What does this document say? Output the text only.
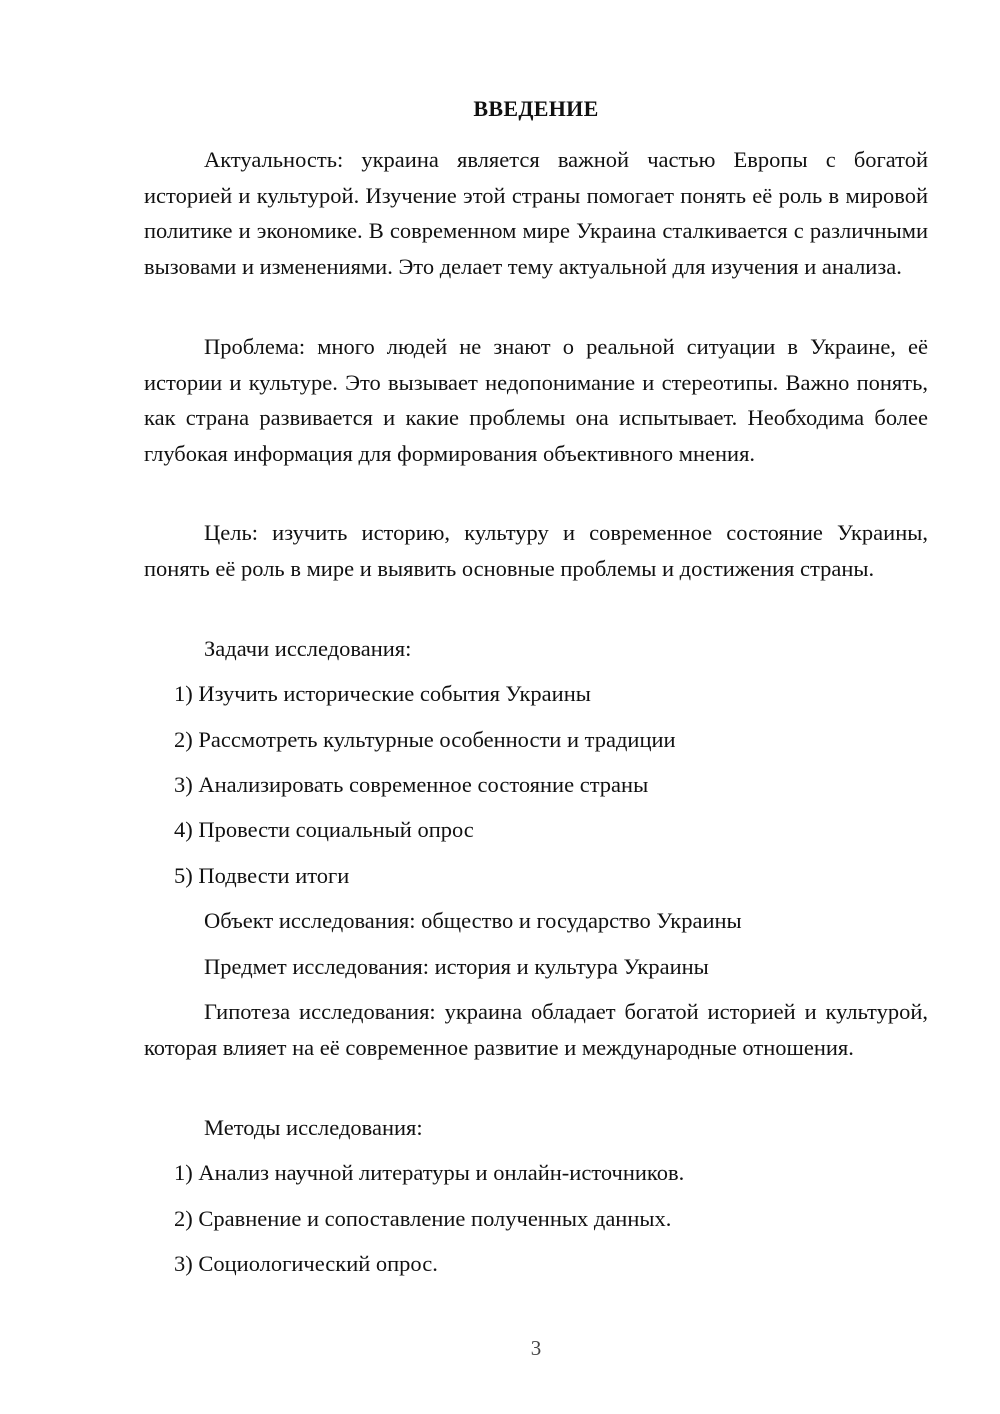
ВВЕДЕНИЕ

Актуальность: украина является важной частью Европы с богатой историей и культурой. Изучение этой страны помогает понять её роль в мировой политике и экономике. В современном мире Украина сталкивается с различными вызовами и изменениями. Это делает тему актуальной для изучения и анализа.

Проблема: много людей не знают о реальной ситуации в Украине, её истории и культуре. Это вызывает недопонимание и стереотипы. Важно понять, как страна развивается и какие проблемы она испытывает. Необходима более глубокая информация для формирования объективного мнения.

Цель: изучить историю, культуру и современное состояние Украины, понять её роль в мире и выявить основные проблемы и достижения страны.

Задачи исследования:

1) Изучить исторические события Украины

2) Рассмотреть культурные особенности и традиции

3) Анализировать современное состояние страны

4) Провести социальный опрос

5) Подвести итоги

Объект исследования: общество и государство Украины

Предмет исследования: история и культура Украины

Гипотеза исследования: украина обладает богатой историей и культурой, которая влияет на её современное развитие и международные отношения.

Методы исследования:

1) Анализ научной литературы и онлайн-источников.

2) Сравнение и сопоставление полученных данных.

3) Социологический опрос.

3
